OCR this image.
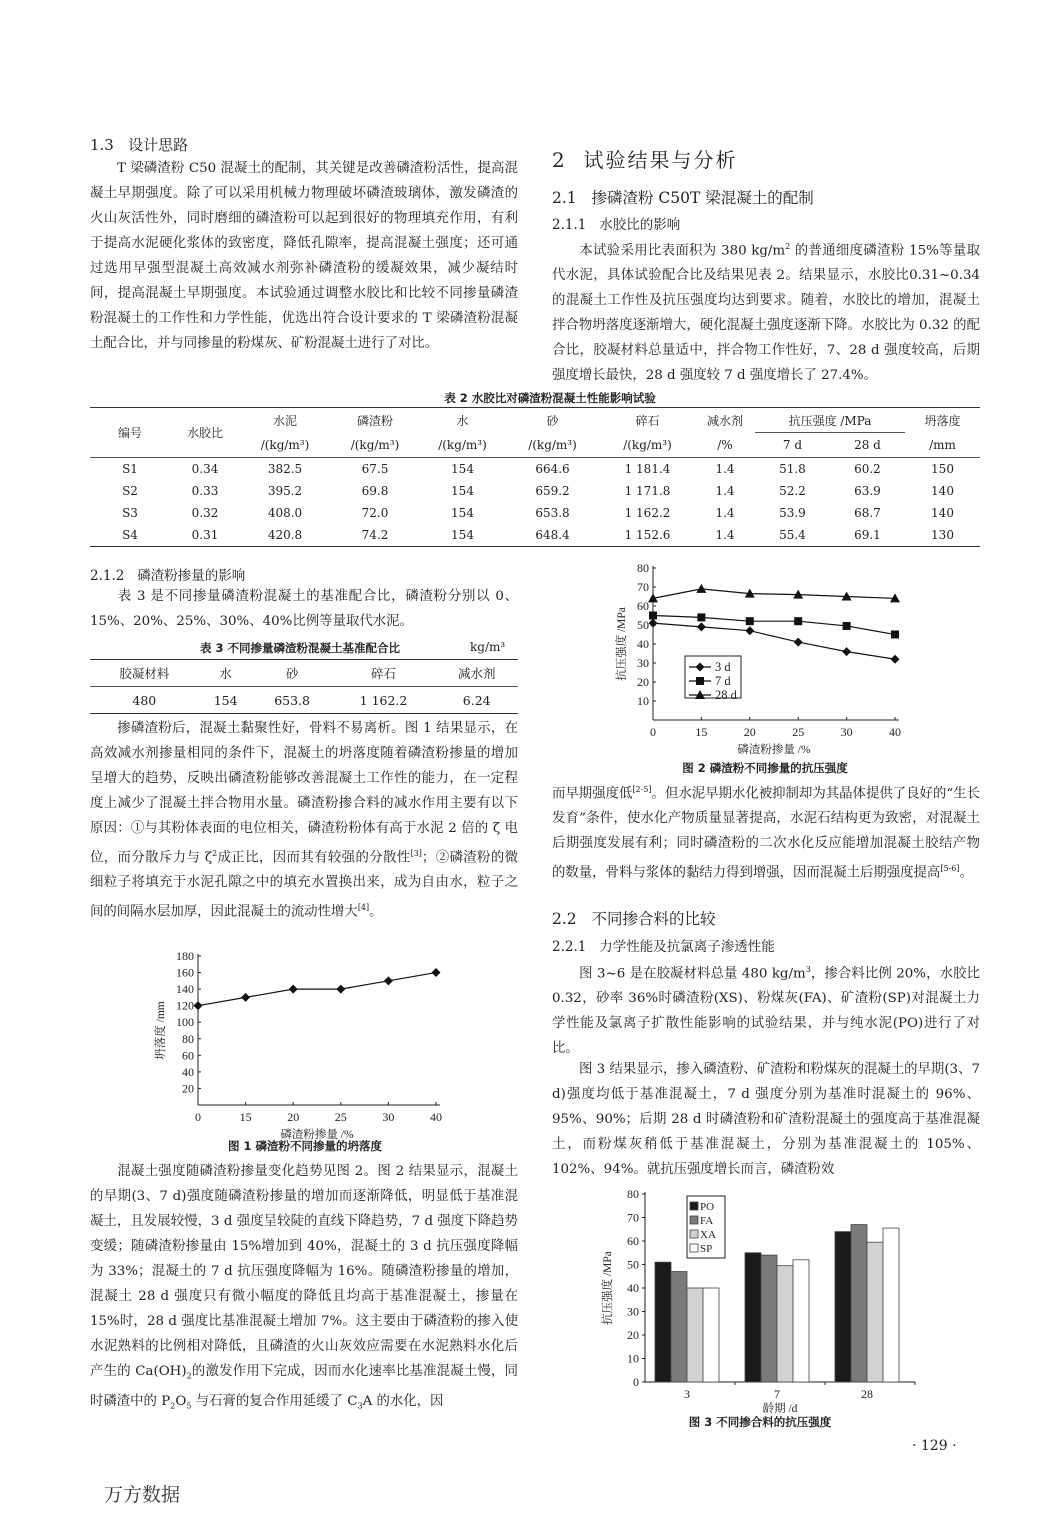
1.3 设计思路
T 梁磷渣粉 C50 混凝土的配制，其关键是改善磷渣粉活性，提高混凝土早期强度。除了可以采用机械力物理破坏磷渣玻璃体，激发磷渣的火山灰活性外，同时磨细的磷渣粉可以起到很好的物理填充作用，有利于提高水泥硬化浆体的致密度，降低孔隙率，提高混凝土强度；还可通过选用早强型混凝土高效减水剂弥补磷渣粉的缓凝效果，减少凝结时间，提高混凝土早期强度。本试验通过调整水胶比和比较不同掺量磷渣粉混凝土的工作性和力学性能，优选出符合设计要求的 T 梁磷渣粉混凝土配合比，并与同掺量的粉煤灰、矿粉混凝土进行了对比。
2 试验结果与分析
2.1 掺磷渣粉 C50T 梁混凝土的配制
2.1.1 水胶比的影响
本试验采用比表面积为 380 $kg/m^2$ 的普通细度磷渣粉 15%等量取代水泥，具体试验配合比及结果见表 2。结果显示，水胶比0.31~0.34 的混凝土工作性及抗压强度均达到要求。随着，水胶比的增加，混凝土拌合物坍落度逐渐增大，硬化混凝土强度逐渐下降。水胶比为 0.32 的配合比，胶凝材料总量适中，拌合物工作性好，7、28 d 强度较高，后期强度增长最快，28 d 强度较 7 d 强度增长了 27.4%。
表 2 水胶比对磷渣粉混凝土性能影响试验
编号	水胶比	水泥	磷渣粉	水	砂	碎石	减水剂	抗压强度 /MPa	坍落度
/(kg/m³)	/(kg/m³)	/(kg/m³)	/(kg/m³)	/(kg/m³)	/%	7 d	28 d	/mm
S1	0.34	382.5	67.5	154	664.6	1 181.4	1.4	51.8	60.2	150
S2	0.33	395.2	69.8	154	659.2	1 171.8	1.4	52.2	63.9	140
S3	0.32	408.0	72.0	154	653.8	1 162.2	1.4	53.9	68.7	140
S4	0.31	420.8	74.2	154	648.4	1 152.6	1.4	55.4	69.1	130
2.1.2 磷渣粉掺量的影响
表 3 是不同掺量磷渣粉混凝土的基准配合比，磷渣粉分别以 0、15%、20%、25%、30%、40%比例等量取代水泥。
表 3 不同掺量磷渣粉混凝土基准配合比	kg/m³
胶凝材料	水	砂	碎石	减水剂
480	154	653.8	1 162.2	6.24
掺磷渣粉后，混凝土黏聚性好，骨料不易离析。图 1 结果显示，在高效减水剂掺量相同的条件下，混凝土的坍落度随着磷渣粉掺量的增加呈增大的趋势，反映出磷渣粉能够改善混凝土工作性的能力，在一定程度上减少了混凝土拌合物用水量。磷渣粉掺合料的减水作用主要有以下原因：①与其粉体表面的电位相关，磷渣粉粉体有高于水泥 2 倍的 ζ 电位，而分散斥力与 $\zeta^2$成正比，因而其有较强的分散性[3]；②磷渣粉的微细粒子将填充于水泥孔隙之中的填充水置换出来，成为自由水，粒子之间的间隔水层加厚，因此混凝土的流动性增大[4]。
20
40
60
80
100
120
140
160
180
0	15	20	25	30	40
磷渣粉掺量 /%
坍落度 /mm
图 1 磷渣粉不同掺量的坍落度
混凝土强度随磷渣粉掺量变化趋势见图 2。图 2 结果显示，混凝土的早期(3、7 d)强度随磷渣粉掺量的增加而逐渐降低，明显低于基准混凝土，且发展较慢，3 d 强度呈较陡的直线下降趋势，7 d 强度下降趋势变缓；随磷渣粉掺量由 15%增加到 40%，混凝土的 3 d 抗压强度降幅为 33%；混凝土的 7 d 抗压强度降幅为 16%。随磷渣粉掺量的增加，混凝土 28 d 强度只有微小幅度的降低且均高于基准混凝土，掺量在 15%时，28 d 强度比基准混凝土增加 7%。这主要由于磷渣粉的掺入使水泥熟料的比例相对降低，且磷渣的火山灰效应需要在水泥熟料水化后产生的 $Ca(OH)_2$的激发作用下完成，因而水化速率比基准混凝土慢，同时磷渣中的 $P_2O_5$ 与石膏的复合作用延缓了 $C_3A$ 的水化，因
10
20
30
40
50
60
70
80
0	15	20	25	30	40
磷渣粉掺量 /%
抗压强度 /MPa	3 d
7 d
28 d
图 2 磷渣粉不同掺量的抗压强度
而早期强度低[2-5]。但水泥早期水化被抑制却为其晶体提供了良好的“生长发育”条件，使水化产物质量显著提高，水泥石结构更为致密，对混凝土后期强度发展有利；同时磷渣粉的二次水化反应能增加混凝土胶结产物的数量，骨料与浆体的黏结力得到增强，因而混凝土后期强度提高[5-6]。
2.2 不同掺合料的比较
2.2.1 力学性能及抗氯离子渗透性能
图 3~6 是在胶凝材料总量 480 $kg/m^3$，掺合料比例 20%，水胶比 0.32，砂率 36%时磷渣粉(XS)、粉煤灰(FA)、矿渣粉(SP)对混凝土力学性能及氯离子扩散性能影响的试验结果，并与纯水泥(PO)进行了对比。
图 3 结果显示，掺入磷渣粉、矿渣粉和粉煤灰的混凝土的早期(3、7 d)强度均低于基准混凝土，7 d 强度分别为基准时混凝土的 96%、95%、90%；后期 28 d 时磷渣粉和矿渣粉混凝土的强度高于基准混凝土，而粉煤灰稍低于基准混凝土，分别为基准混凝土的 105%、102%、94%。就抗压强度增长而言，磷渣粉效
0
10
20
30
40
50
60
70
80
3	7	28
龄期 /d
抗压强度 /MPa
PO
FA
XA
SP
图 3 不同掺合料的抗压强度
· 129 ·
万方数据
